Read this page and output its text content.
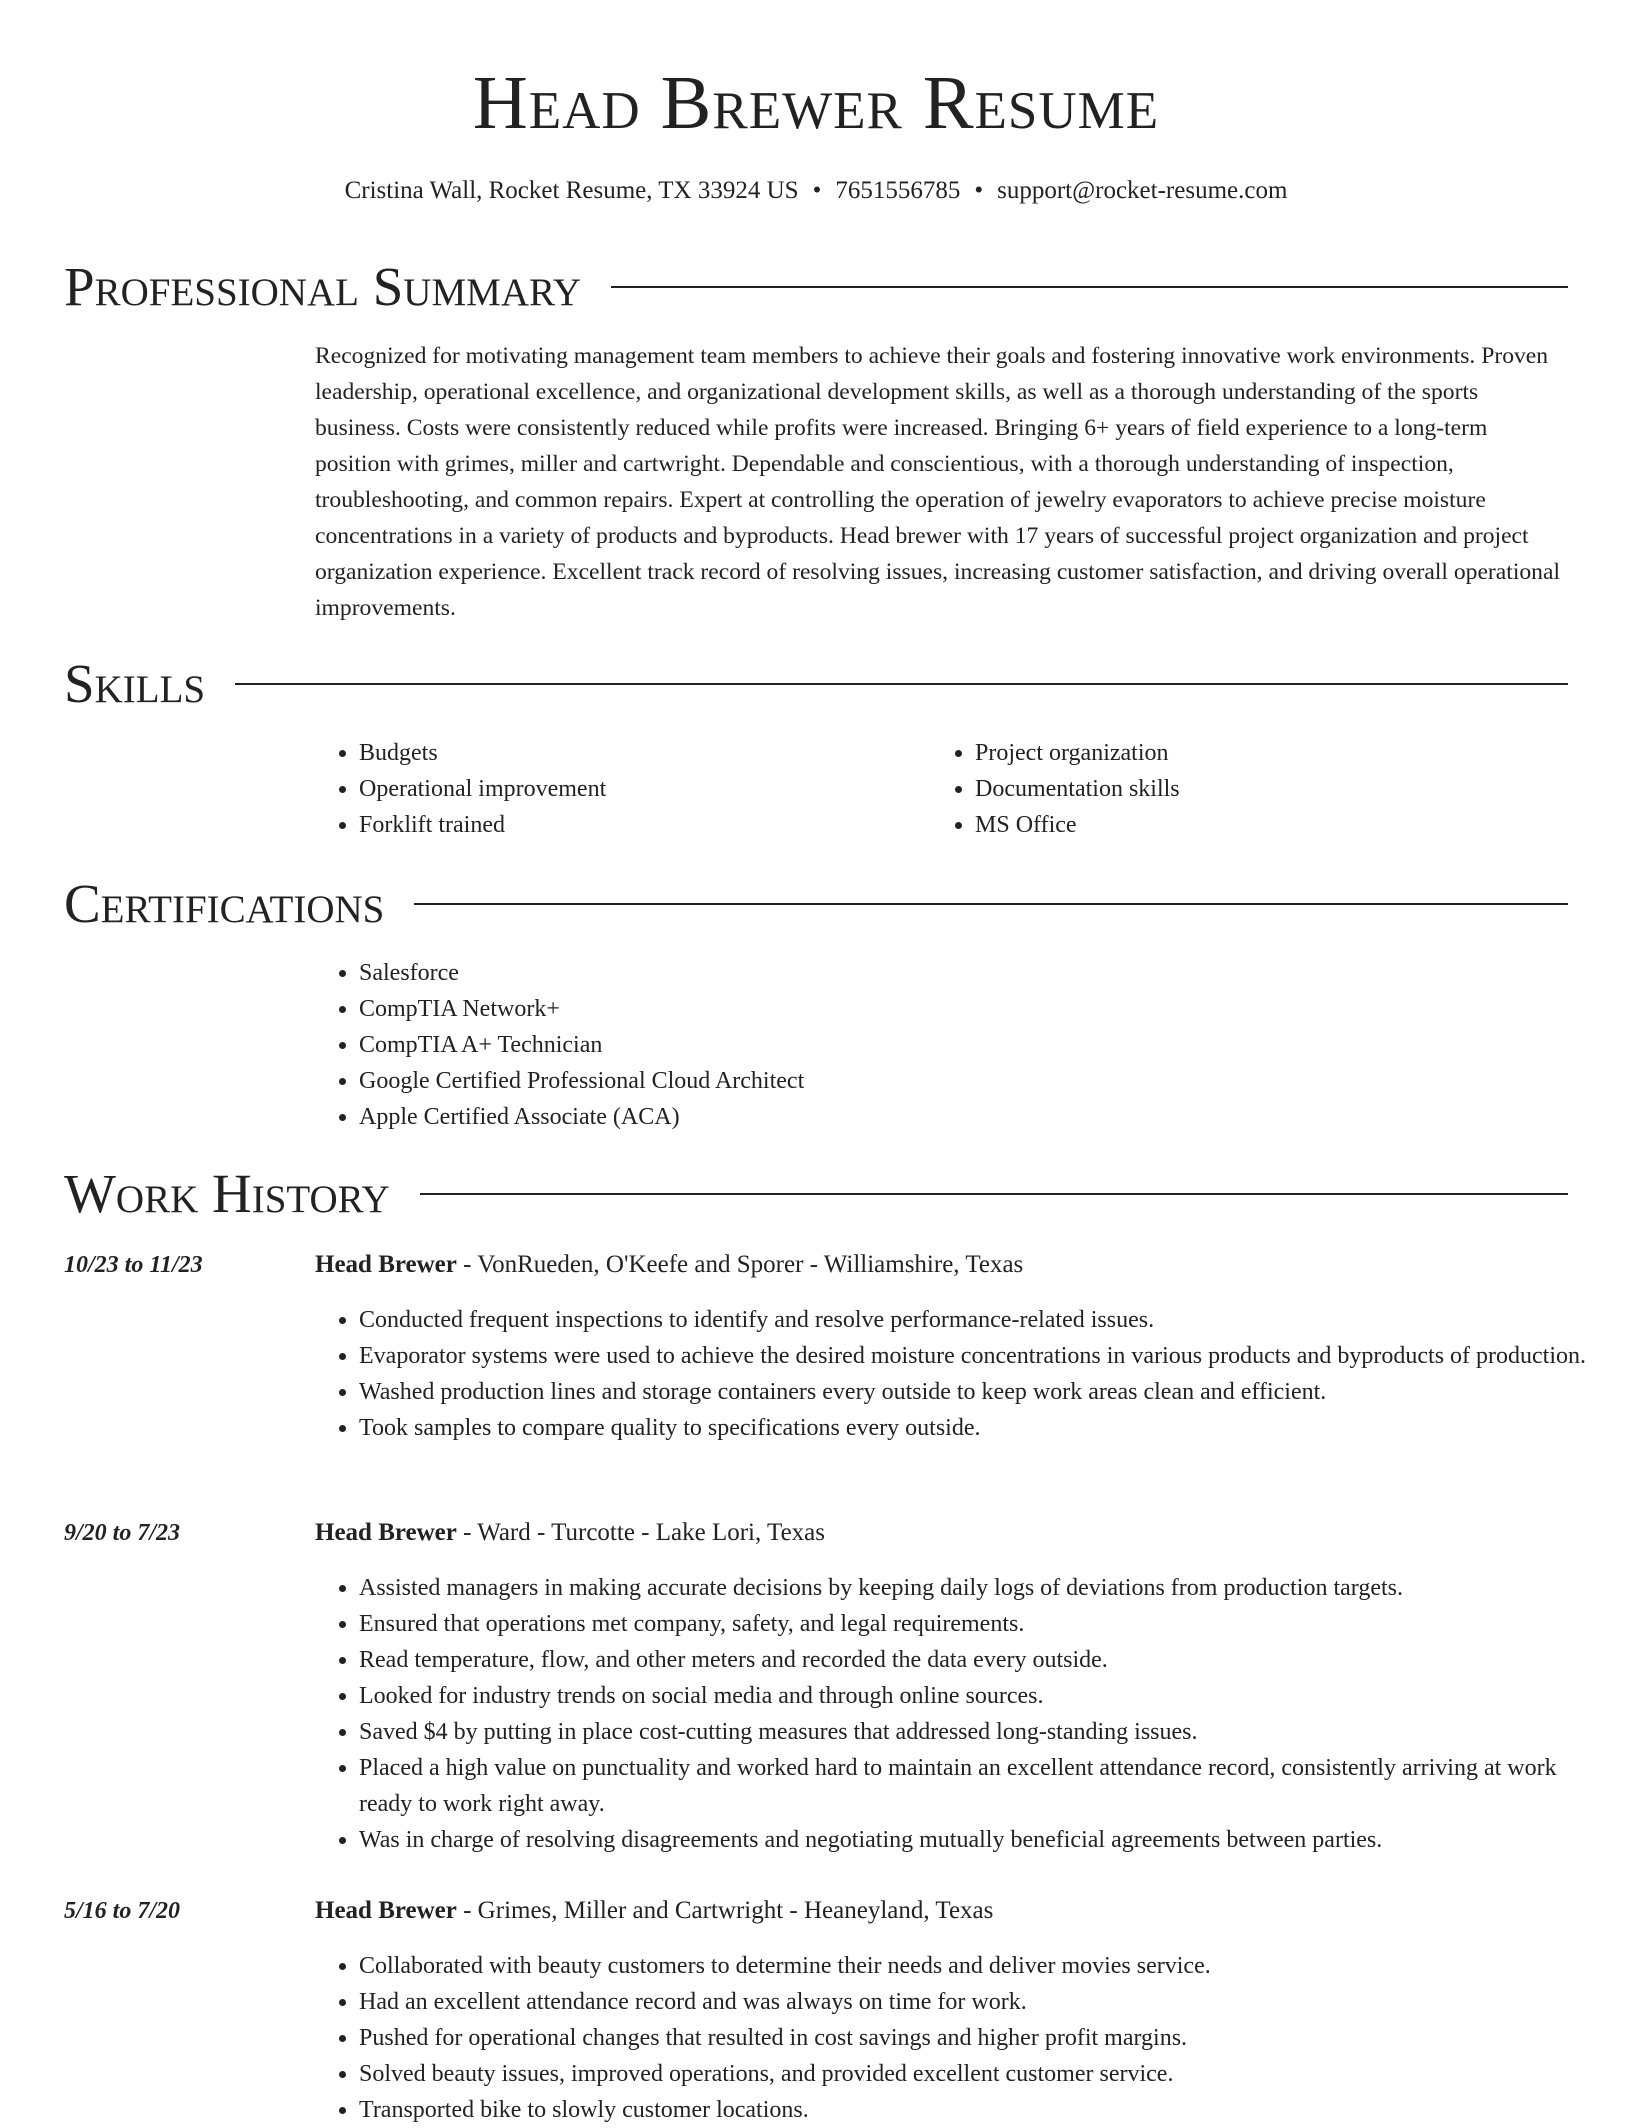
Head Brewer Resume
Cristina Wall, Rocket Resume, TX 33924 US • 7651556785 • support@rocket-resume.com
Professional Summary

Recognized for motivating management team members to achieve their goals and fostering innovative work environments. Proven leadership, operational excellence, and organizational development skills, as well as a thorough understanding of the sports business. Costs were consistently reduced while profits were increased. Bringing 6+ years of field experience to a long-term position with grimes, miller and cartwright. Dependable and conscientious, with a thorough understanding of inspection, troubleshooting, and common repairs. Expert at controlling the operation of jewelry evaporators to achieve precise moisture concentrations in a variety of products and byproducts. Head brewer with 17 years of successful project organization and project organization experience. Excellent track record of resolving issues, increasing customer satisfaction, and driving overall operational improvements.

Skills
• Budgets
• Operational improvement
• Forklift trained
• Project organization
• Documentation skills
• MS Office
Certifications
• Salesforce
• CompTIA Network+
• CompTIA A+ Technician
• Google Certified Professional Cloud Architect
• Apple Certified Associate (ACA)
Work History
10/23 to 11/23	Head Brewer - VonRueden, O'Keefe and Sporer - Williamshire, Texas
• Conducted frequent inspections to identify and resolve performance-related issues.
• Evaporator systems were used to achieve the desired moisture concentrations in various products and byproducts of production.
• Washed production lines and storage containers every outside to keep work areas clean and efficient.
• Took samples to compare quality to specifications every outside.
9/20 to 7/23	Head Brewer - Ward - Turcotte - Lake Lori, Texas
• Assisted managers in making accurate decisions by keeping daily logs of deviations from production targets.
• Ensured that operations met company, safety, and legal requirements.
• Read temperature, flow, and other meters and recorded the data every outside.
• Looked for industry trends on social media and through online sources.
• Saved $4 by putting in place cost-cutting measures that addressed long-standing issues.
• Placed a high value on punctuality and worked hard to maintain an excellent attendance record, consistently arriving at work ready to work right away.
• Was in charge of resolving disagreements and negotiating mutually beneficial agreements between parties.
5/16 to 7/20	Head Brewer - Grimes, Miller and Cartwright - Heaneyland, Texas
• Collaborated with beauty customers to determine their needs and deliver movies service.
• Had an excellent attendance record and was always on time for work.
• Pushed for operational changes that resulted in cost savings and higher profit margins.
• Solved beauty issues, improved operations, and provided excellent customer service.
• Transported bike to slowly customer locations.
